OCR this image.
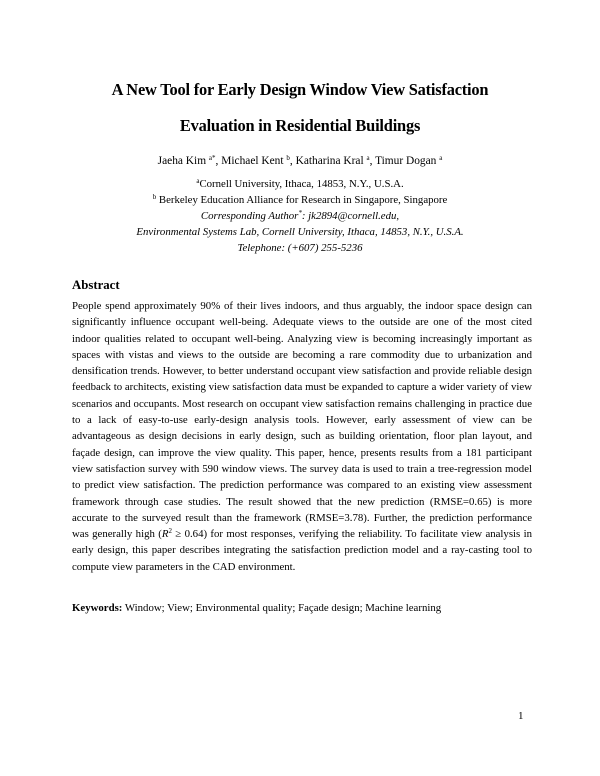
A New Tool for Early Design Window View Satisfaction
Evaluation in Residential Buildings
Jaeha Kim $^{a*}$, Michael Kent $^b$, Katharina Kral $^a$, Timur Dogan $^a$
$^a$Cornell University, Ithaca, 14853, N.Y., U.S.A.
$^b$ Berkeley Education Alliance for Research in Singapore, Singapore
Corresponding Author*: jk2894@cornell.edu,
Environmental Systems Lab, Cornell University, Ithaca, 14853, N.Y., U.S.A.
Telephone: (+607) 255-5236
Abstract
People spend approximately 90% of their lives indoors, and thus arguably, the indoor space design can significantly influence occupant well-being. Adequate views to the outside are one of the most cited indoor qualities related to occupant well-being. Analyzing view is becoming increasingly important as spaces with vistas and views to the outside are becoming a rare commodity due to urbanization and densification trends. However, to better understand occupant view satisfaction and provide reliable design feedback to architects, existing view satisfaction data must be expanded to capture a wider variety of view scenarios and occupants. Most research on occupant view satisfaction remains challenging in practice due to a lack of easy-to-use early-design analysis tools. However, early assessment of view can be advantageous as design decisions in early design, such as building orientation, floor plan layout, and façade design, can improve the view quality. This paper, hence, presents results from a 181 participant view satisfaction survey with 590 window views. The survey data is used to train a tree-regression model to predict view satisfaction. The prediction performance was compared to an existing view assessment framework through case studies. The result showed that the new prediction (RMSE=0.65) is more accurate to the surveyed result than the framework (RMSE=3.78). Further, the prediction performance was generally high $(R^2 \ge 0.64)$ for most responses, verifying the reliability. To facilitate view analysis in early design, this paper describes integrating the satisfaction prediction model and a ray-casting tool to compute view parameters in the CAD environment.
Keywords: Window; View; Environmental quality; Façade design; Machine learning
1
